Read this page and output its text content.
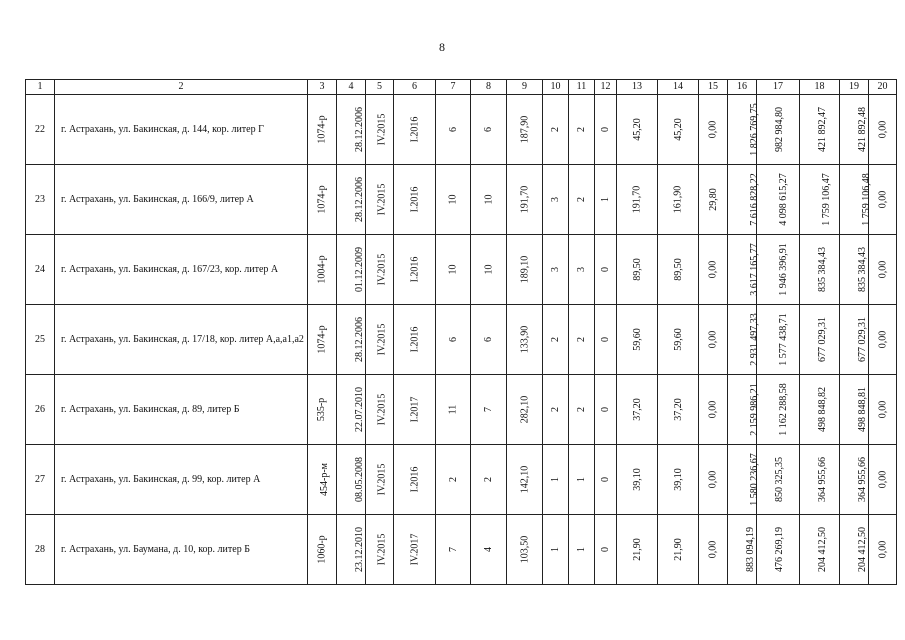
8
1	2	3	4	5	6	7	8	9	10	11	12	13	14	15	16	17	18	19	20
22	г. Астрахань, ул. Бакинская, д. 144, кор. литер Г	1074-р	28.12.2006	IV.2015	I.2016	6	6	187,90	2	2	0	45,20	45,20	0,00	1 826 769,75	982 984,80	421 892,47	421 892,48	0,00
23	г. Астрахань, ул. Бакинская, д. 166/9, литер А	1074-р	28.12.2006	IV.2015	I.2016	10	10	191,70	3	2	1	191,70	161,90	29,80	7 616 828,22	4 098 615,27	1 759 106,47	1 759 106,48	0,00
24	г. Астрахань, ул. Бакинская, д. 167/23, кор. литер А	1004-р	01.12.2009	IV.2015	I.2016	10	10	189,10	3	3	0	89,50	89,50	0,00	3 617 165,77	1 946 396,91	835 384,43	835 384,43	0,00
25	г. Астрахань, ул. Бакинская, д. 17/18, кор. литер А,а,а1,а2	1074-р	28.12.2006	IV.2015	I.2016	6	6	133,90	2	2	0	59,60	59,60	0,00	2 931 497,33	1 577 438,71	677 029,31	677 029,31	0,00
26	г. Астрахань, ул. Бакинская, д. 89, литер Б	535-р	22.07.2010	IV.2015	I.2017	11	7	282,10	2	2	0	37,20	37,20	0,00	2 159 986,21	1 162 288,58	498 848,82	498 848,81	0,00
27	г. Астрахань, ул. Бакинская, д. 99, кор. литер А	454-р-м	08.05.2008	IV.2015	I.2016	2	2	142,10	1	1	0	39,10	39,10	0,00	1 580 236,67	850 325,35	364 955,66	364 955,66	0,00
28	г. Астрахань, ул. Баумана, д. 10, кор. литер Б	1060-р	23.12.2010	IV.2015	IV.2017	7	4	103,50	1	1	0	21,90	21,90	0,00	883 094,19	476 269,19	204 412,50	204 412,50	0,00
